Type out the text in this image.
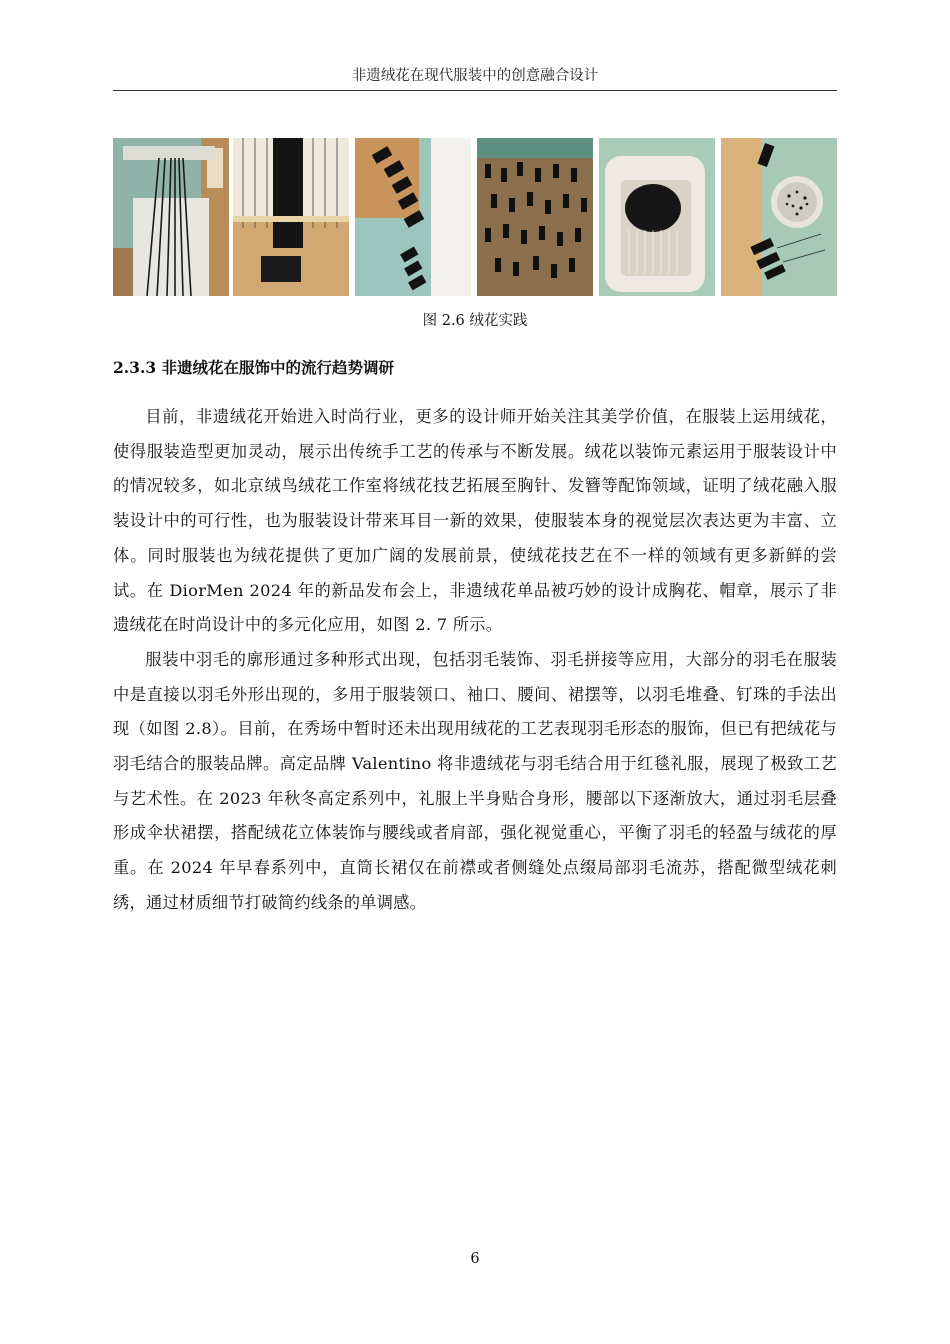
非遗绒花在现代服装中的创意融合设计
图 2.6 绒花实践
2.3.3 非遗绒花在服饰中的流行趋势调研

目前，非遗绒花开始进入时尚行业，更多的设计师开始关注其美学价值，在服装上运用绒花，使得服装造型更加灵动，展示出传统手工艺的传承与不断发展。绒花以装饰元素运用于服装设计中的情况较多，如北京绒鸟绒花工作室将绒花技艺拓展至胸针、发簪等配饰领域，证明了绒花融入服装设计中的可行性，也为服装设计带来耳目一新的效果，使服装本身的视觉层次表达更为丰富、立体。同时服装也为绒花提供了更加广阔的发展前景，使绒花技艺在不一样的领域有更多新鲜的尝试。在 DiorMen 2024 年的新品发布会上，非遗绒花单品被巧妙的设计成胸花、帽章，展示了非遗绒花在时尚设计中的多元化应用，如图 2. 7 所示。

服装中羽毛的廓形通过多种形式出现，包括羽毛装饰、羽毛拼接等应用，大部分的羽毛在服装中是直接以羽毛外形出现的，多用于服装领口、袖口、腰间、裙摆等，以羽毛堆叠、钉珠的手法出现（如图 2.8）。目前，在秀场中暂时还未出现用绒花的工艺表现羽毛形态的服饰，但已有把绒花与羽毛结合的服装品牌。高定品牌 Valentino 将非遗绒花与羽毛结合用于红毯礼服，展现了极致工艺与艺术性。在 2023 年秋冬高定系列中，礼服上半身贴合身形，腰部以下逐渐放大，通过羽毛层叠形成伞状裙摆，搭配绒花立体装饰与腰线或者肩部，强化视觉重心，平衡了羽毛的轻盈与绒花的厚重。在 2024 年早春系列中，直筒长裙仅在前襟或者侧缝处点缀局部羽毛流苏，搭配微型绒花刺绣，通过材质细节打破简约线条的单调感。

6
